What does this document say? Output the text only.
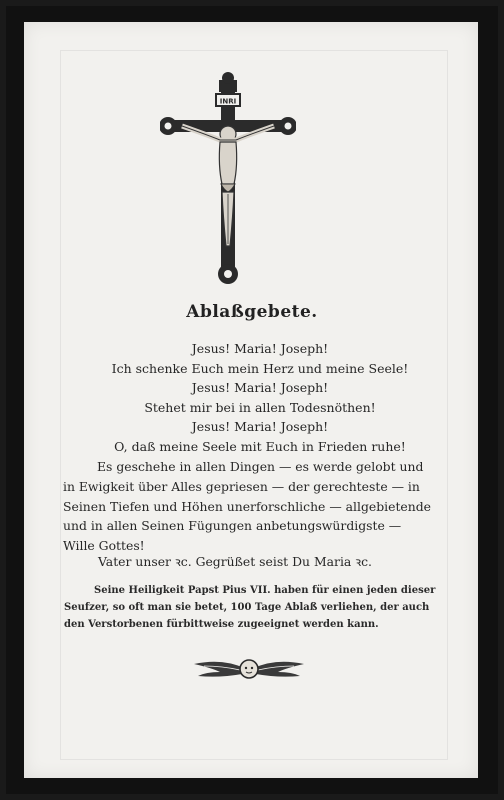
INRI
Ablaßgebete.
Jesus! Maria! Joseph!
Ich schenke Euch mein Herz und meine Seele!
Jesus! Maria! Joseph!
Stehet mir bei in allen Todesnöthen!
Jesus! Maria! Joseph!
O, daß meine Seele mit Euch in Frieden ruhe!
Es geschehe in allen Dingen — es werde gelobt und
in Ewigkeit über Alles gepriesen — der gerechteste — in
Seinen Tiefen und Höhen unerforschliche — allgebietende
und in allen Seinen Fügungen anbetungswürdigste —
Wille Gottes!
Vater unser ꝛc. Gegrüßet seist Du Maria ꝛc.
Seine Heiligkeit Papst Pius VII. haben für einen jeden dieser
Seufzer, so oft man sie betet, 100 Tage Ablaß verliehen, der auch
den Verstorbenen fürbittweise zugeeignet werden kann.
